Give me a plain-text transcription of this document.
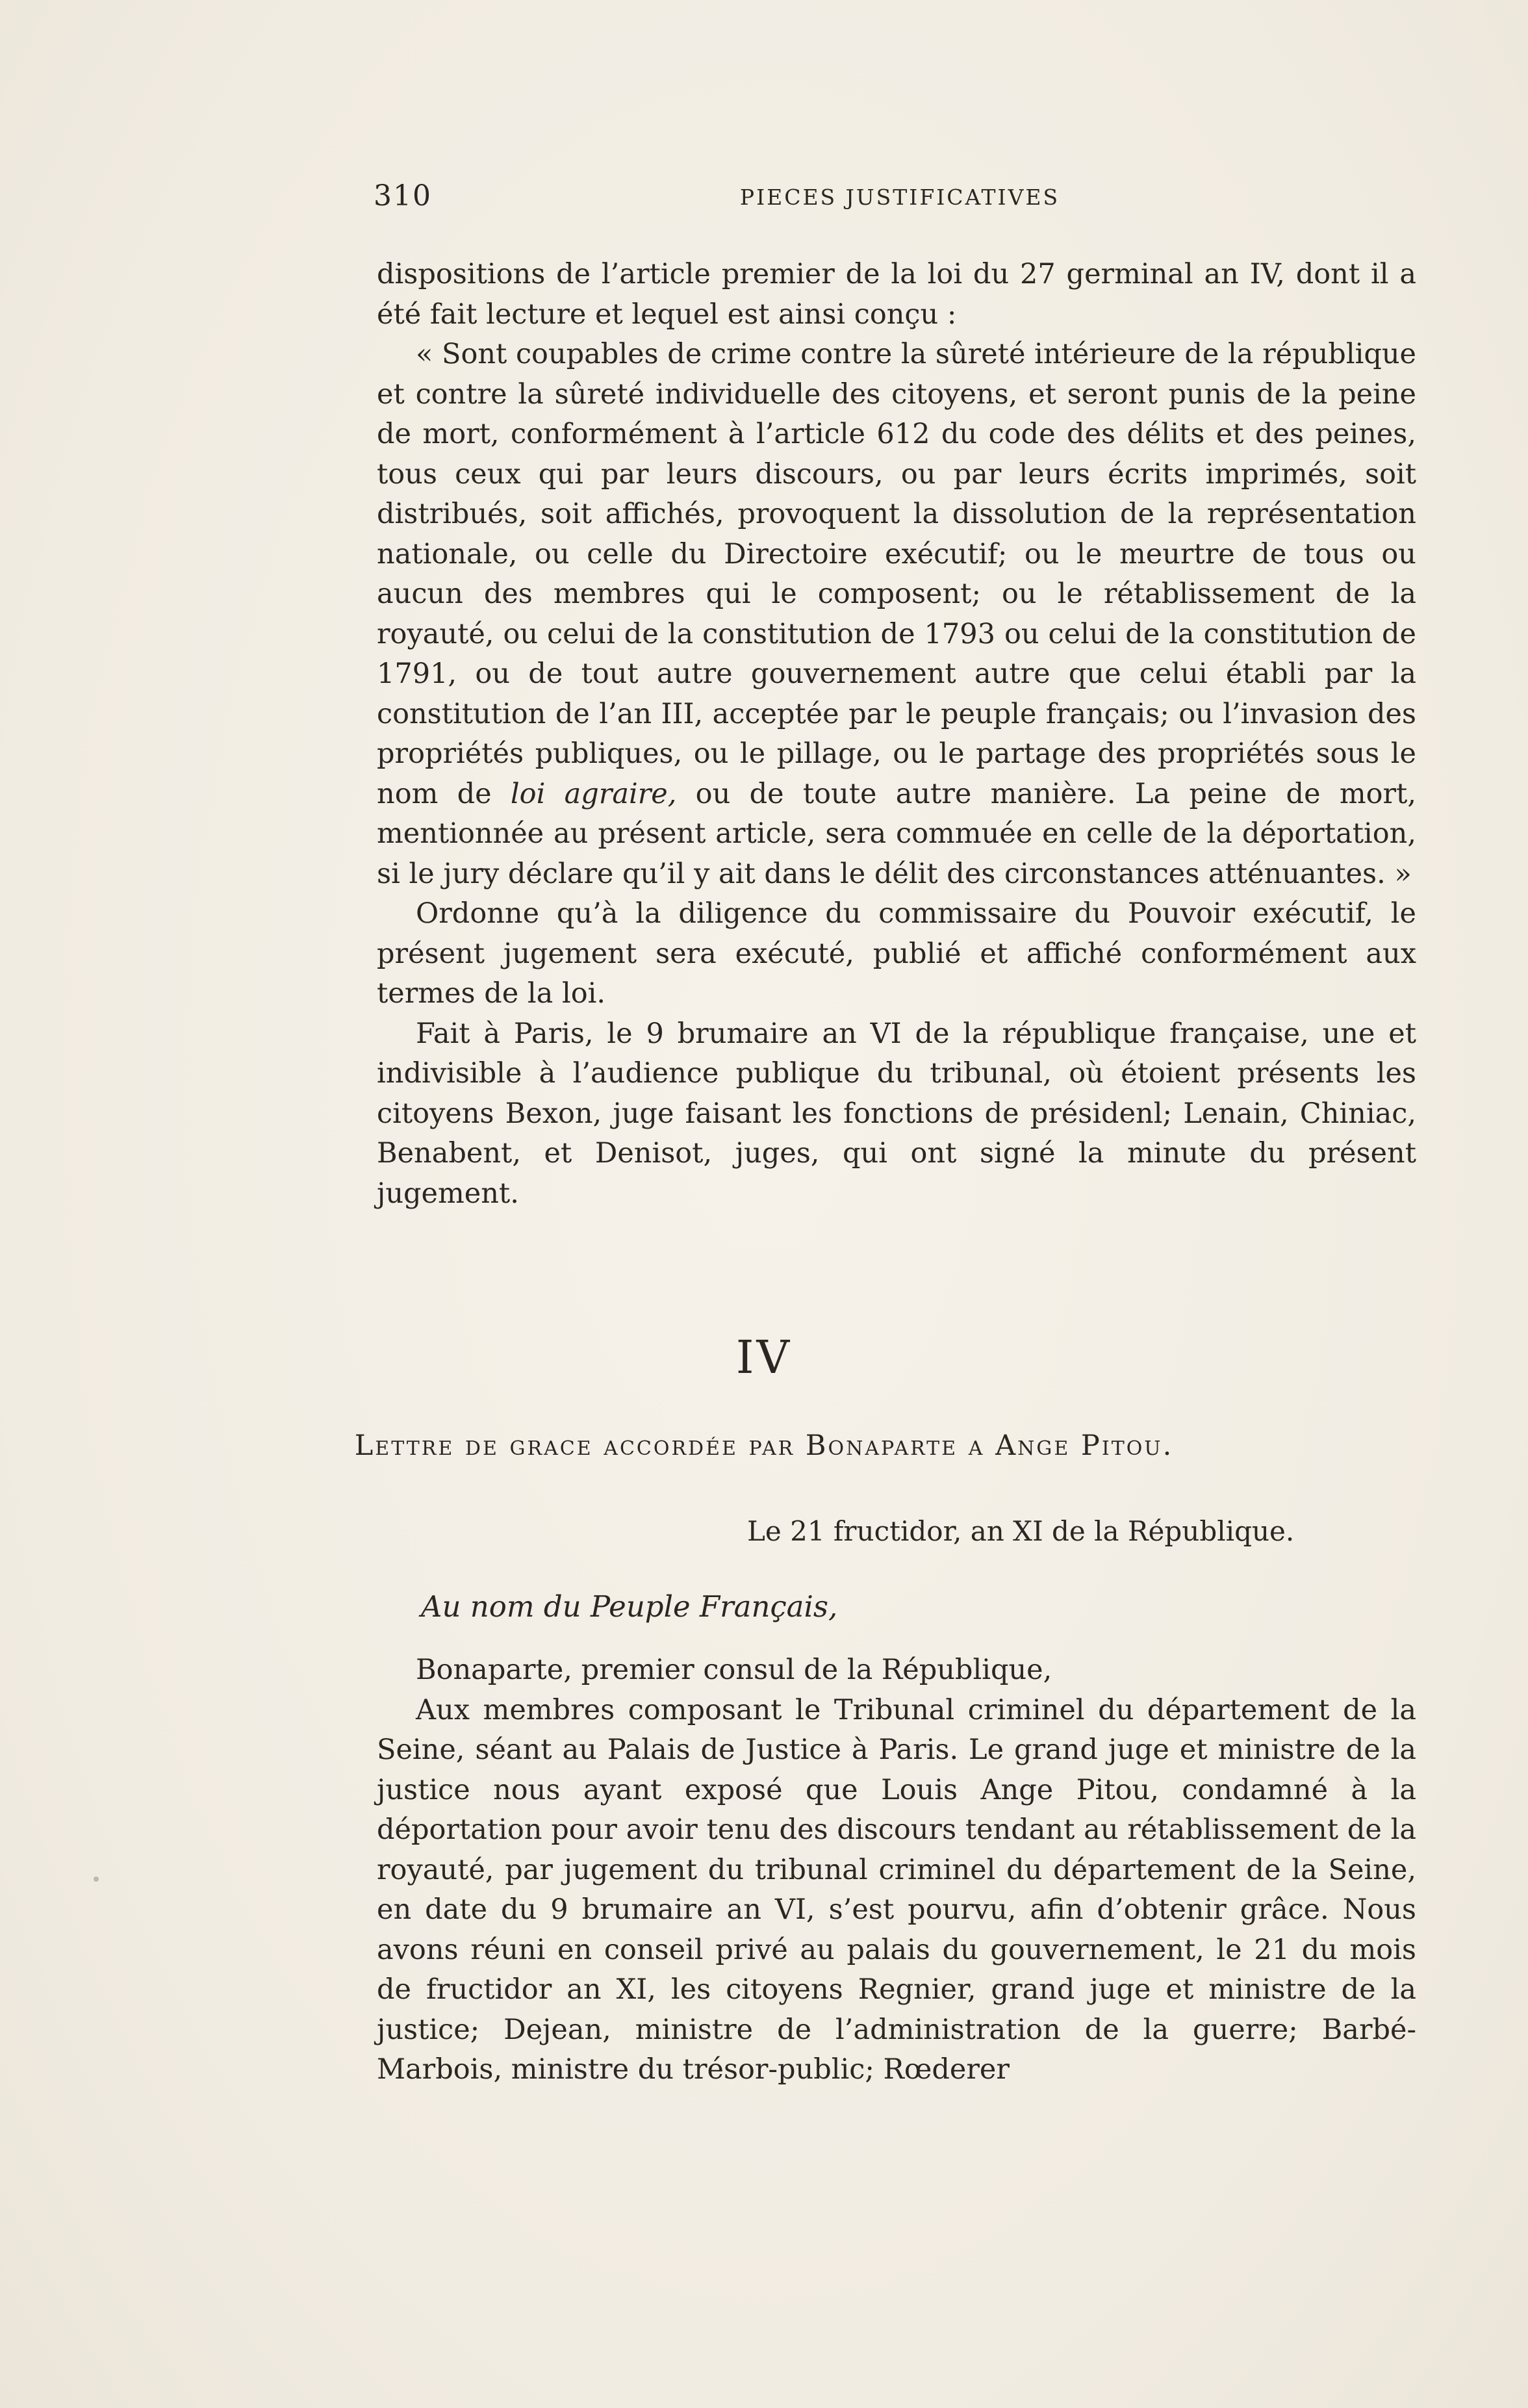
310	PIECES JUSTIFICATIVES

dispositions de l’article premier de la loi du 27 germinal an IV, dont il a été fait lecture et lequel est ainsi conçu :

« Sont coupables de crime contre la sûreté intérieure de la république et contre la sûreté individuelle des citoyens, et seront punis de la peine de mort, conformément à l’article 612 du code des délits et des peines, tous ceux qui par leurs discours, ou par leurs écrits imprimés, soit distribués, soit affichés, provoquent la dissolution de la représentation nationale, ou celle du Directoire exécutif; ou le meurtre de tous ou aucun des membres qui le composent; ou le rétablissement de la royauté, ou celui de la constitution de 1793 ou celui de la constitution de 1791, ou de tout autre gouvernement autre que celui établi par la constitution de l’an III, acceptée par le peuple français; ou l’invasion des propriétés publiques, ou le pillage, ou le partage des propriétés sous le nom de loi agraire, ou de toute autre manière. La peine de mort, mentionnée au présent article, sera commuée en celle de la déportation, si le jury déclare qu’il y ait dans le délit des circonstances atténuantes. »

Ordonne qu’à la diligence du commissaire du Pouvoir exécutif, le présent jugement sera exécuté, publié et affiché conformément aux termes de la loi.

Fait à Paris, le 9 brumaire an VI de la république française, une et indivisible à l’audience publique du tribunal, où étoient présents les citoyens Bexon, juge faisant les fonctions de présidenl; Lenain, Chiniac, Benabent, et Denisot, juges, qui ont signé la minute du présent jugement.

IV
Lettre de grace accordée par Bonaparte a Ange Pitou.
Le 21 fructidor, an XI de la République.
Au nom du Peuple Français,

Bonaparte, premier consul de la République,

Aux membres composant le Tribunal criminel du département de la Seine, séant au Palais de Justice à Paris. Le grand juge et ministre de la justice nous ayant exposé que Louis Ange Pitou, condamné à la déportation pour avoir tenu des discours tendant au rétablissement de la royauté, par jugement du tribunal criminel du département de la Seine, en date du 9 brumaire an VI, s’est pourvu, afin d’obtenir grâce. Nous avons réuni en conseil privé au palais du gouvernement, le 21 du mois de fructidor an XI, les citoyens Regnier, grand juge et ministre de la justice; Dejean, ministre de l’administration de la guerre; Barbé-Marbois, ministre du trésor-public; Rœderer
